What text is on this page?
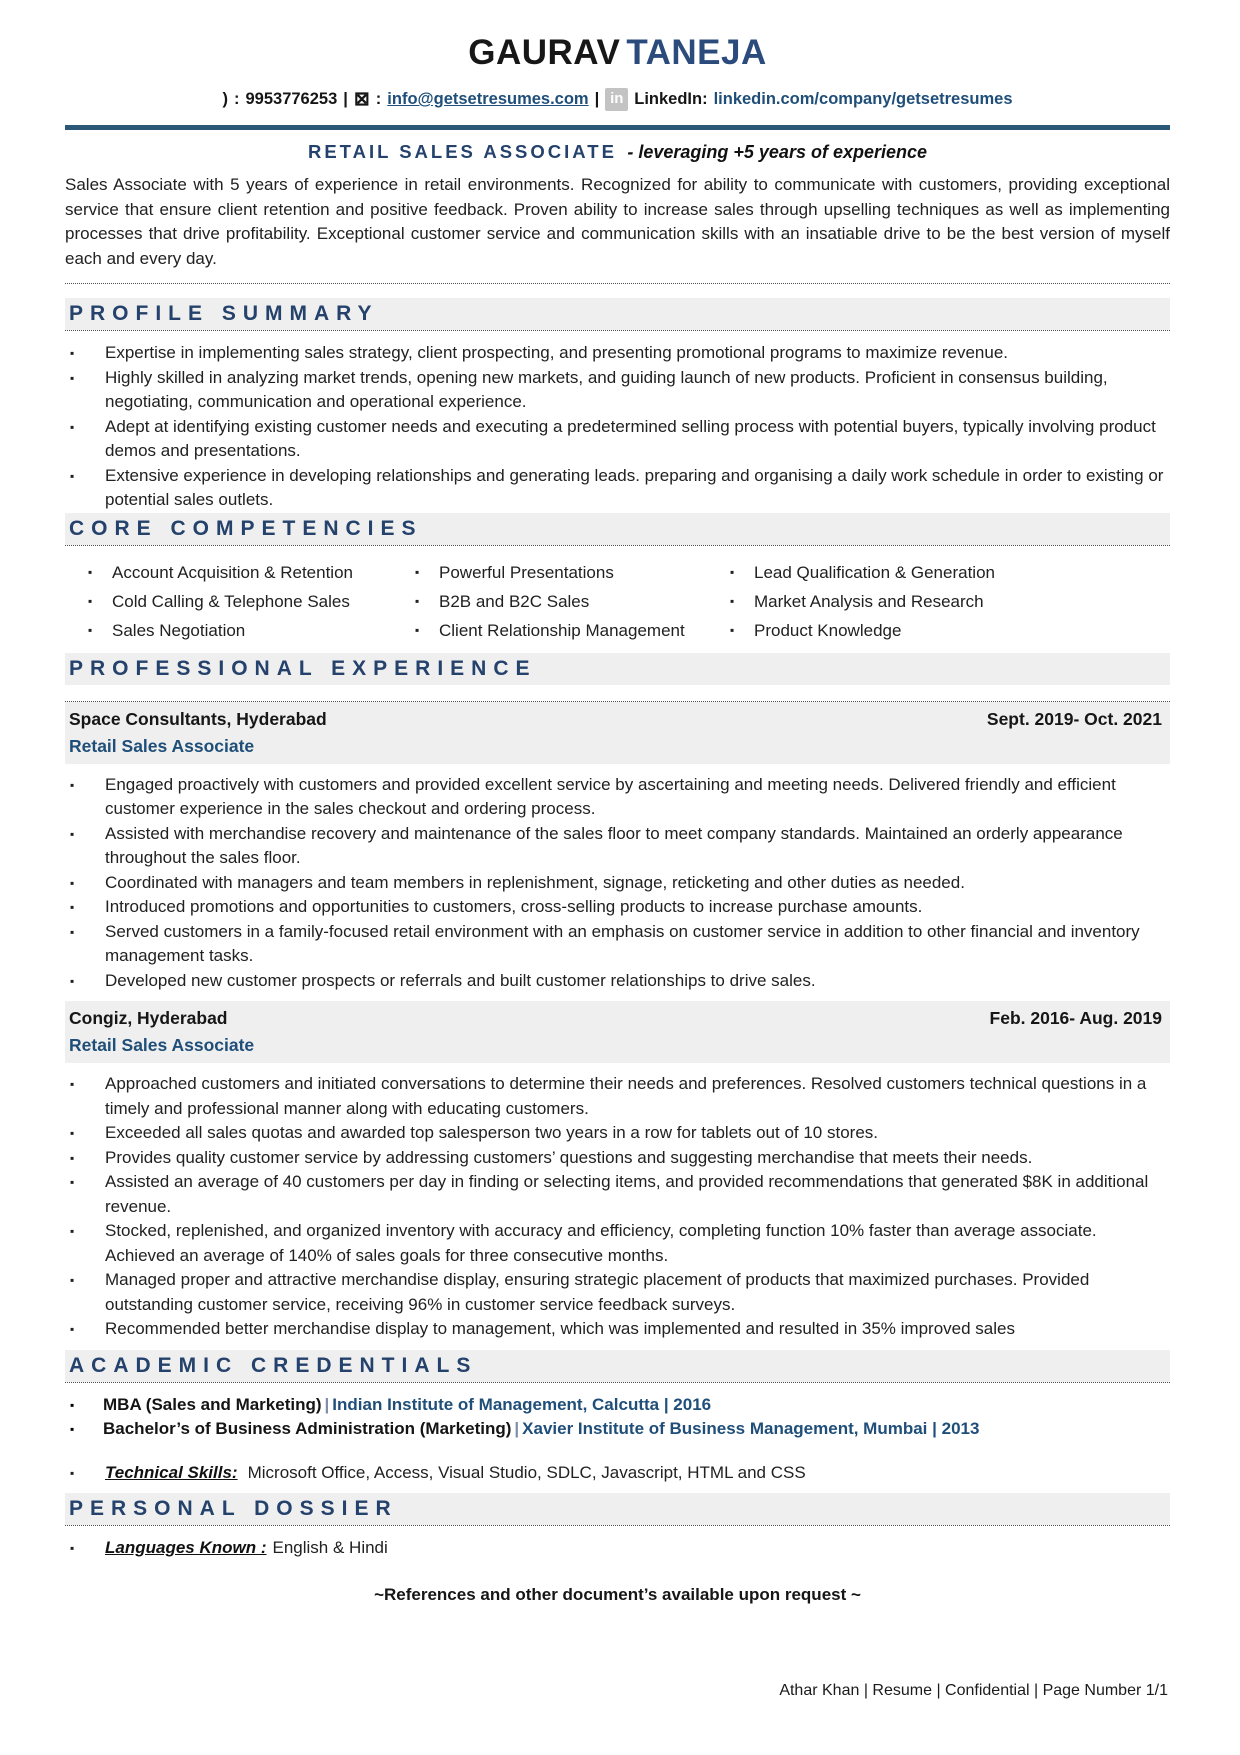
GAURAV TANEJA
) : 9953776253 | ⊠ : info@getsetresumes.com | in LinkedIn: linkedin.com/company/getsetresumes
RETAIL SALES ASSOCIATE - leveraging +5 years of experience

Sales Associate with 5 years of experience in retail environments. Recognized for ability to communicate with customers, providing exceptional service that ensure client retention and positive feedback. Proven ability to increase sales through upselling techniques as well as implementing processes that drive profitability. Exceptional customer service and communication skills with an insatiable drive to be the best version of myself each and every day.

PROFILE SUMMARY
▪ Expertise in implementing sales strategy, client prospecting, and presenting promotional programs to maximize revenue.
▪ Highly skilled in analyzing market trends, opening new markets, and guiding launch of new products. Proficient in consensus building, negotiating, communication and operational experience.
▪ Adept at identifying existing customer needs and executing a predetermined selling process with potential buyers, typically involving product demos and presentations.
▪ Extensive experience in developing relationships and generating leads. preparing and organising a daily work schedule in order to existing or potential sales outlets.
CORE COMPETENCIES
▪ Account Acquisition & Retention
▪ Cold Calling & Telephone Sales
▪ Sales Negotiation
▪ Powerful Presentations
▪ B2B and B2C Sales
▪ Client Relationship Management
▪ Lead Qualification & Generation
▪ Market Analysis and Research
▪ Product Knowledge
PROFESSIONAL EXPERIENCE
Space Consultants, Hyderabad	Sept. 2019- Oct. 2021
Retail Sales Associate
▪ Engaged proactively with customers and provided excellent service by ascertaining and meeting needs. Delivered friendly and efficient customer experience in the sales checkout and ordering process.
▪ Assisted with merchandise recovery and maintenance of the sales floor to meet company standards. Maintained an orderly appearance throughout the sales floor.
▪ Coordinated with managers and team members in replenishment, signage, reticketing and other duties as needed.
▪ Introduced promotions and opportunities to customers, cross-selling products to increase purchase amounts.
▪ Served customers in a family-focused retail environment with an emphasis on customer service in addition to other financial and inventory management tasks.
▪ Developed new customer prospects or referrals and built customer relationships to drive sales.
Congiz, Hyderabad	Feb. 2016- Aug. 2019
Retail Sales Associate
▪ Approached customers and initiated conversations to determine their needs and preferences. Resolved customers technical questions in a timely and professional manner along with educating customers.
▪ Exceeded all sales quotas and awarded top salesperson two years in a row for tablets out of 10 stores.
▪ Provides quality customer service by addressing customers’ questions and suggesting merchandise that meets their needs.
▪ Assisted an average of 40 customers per day in finding or selecting items, and provided recommendations that generated $8K in additional revenue.
▪ Stocked, replenished, and organized inventory with accuracy and efficiency, completing function 10% faster than average associate. Achieved an average of 140% of sales goals for three consecutive months.
▪ Managed proper and attractive merchandise display, ensuring strategic placement of products that maximized purchases. Provided outstanding customer service, receiving 96% in customer service feedback surveys.
▪ Recommended better merchandise display to management, which was implemented and resulted in 35% improved sales
ACADEMIC CREDENTIALS
▪ MBA (Sales and Marketing) | Indian Institute of Management, Calcutta | 2016
▪ Bachelor’s of Business Administration (Marketing) | Xavier Institute of Business Management, Mumbai | 2013
▪ Technical Skills: Microsoft Office, Access, Visual Studio, SDLC, Javascript, HTML and CSS
PERSONAL DOSSIER
▪ Languages Known : English & Hindi

~References and other document’s available upon request ~

Athar Khan | Resume | Confidential | Page Number 1/1
